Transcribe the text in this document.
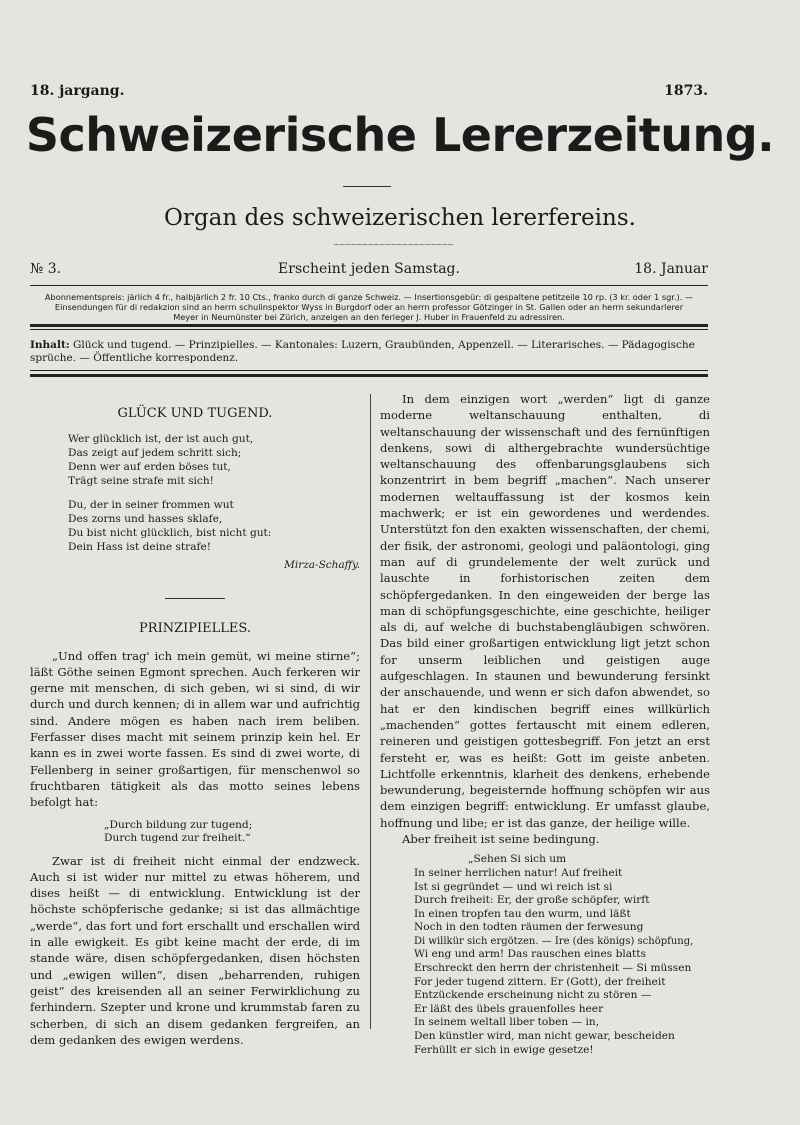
18. jargang.	1873.
Schweizerische Lererzeitung.
Organ des schweizerischen lererfereins.
~~~~~~~~~~~~~~~~~~~~~
№ 3.	Erscheint jeden Samstag.	18. Januar
Abonnementspreis: järlich 4 fr., halbjärlich 2 fr. 10 Cts., franko durch di ganze Schweiz. — Insertionsgebür: di gespaltene petitzeile 10 rp. (3 kr. oder 1 sgr.). —
Einsendungen für di redakzion sind an herrn schulinspektor Wyss in Burgdorf oder an herrn professor Götzinger in St. Gallen oder an herrn sekundarlerer
Meyer in Neumünster bei Zürich, anzeigen an den ferleger J. Huber in Frauenfeld zu adressiren.
Inhalt: Glück und tugend. — Prinzipielles. — Kantonales: Luzern, Graubünden, Appenzell. — Literarisches. — Pädagogische sprüche. — Öffentliche korrespondenz.
GLÜCK UND TUGEND.
Wer glücklich ist, der ist auch gut,
Das zeigt auf jedem schritt sich;
Denn wer auf erden böses tut,
Trägt seine strafe mit sich!
Du, der in seiner frommen wut
Des zorns und hasses sklafe,
Du bist nicht glücklich, bist nicht gut:
Dein Hass ist deine strafe!
Mirza-Schaffy.
PRINZIPIELLES.

„Und offen trag' ich mein gemüt, wi meine stirne“; läßt Göthe seinen Egmont sprechen. Auch ferkeren wir gerne mit menschen, di sich geben, wi si sind, di wir durch und durch kennen; di in allem war und aufrichtig sind. Andere mögen es haben nach irem beliben. Ferfasser dises macht mit seinem prinzip kein hel. Er kann es in zwei worte fassen. Es sind di zwei worte, di Fellenberg in seiner großartigen, für menschenwol so fruchtbaren tätigkeit als das motto seines lebens befolgt hat:

„Durch bildung zur tugend;
Durch tugend zur freiheit.“

Zwar ist di freiheit nicht einmal der endzweck. Auch si ist wider nur mittel zu etwas höherem, und dises heißt — di entwicklung. Entwicklung ist der höchste schöpferische gedanke; si ist das allmächtige „werde“, das fort und fort erschallt und erschallen wird in alle ewigkeit. Es gibt keine macht der erde, di im stande wäre, disen schöpfergedanken, disen höchsten und „ewigen willen“, disen „beharrenden, ruhigen geist“ des kreisenden all an seiner Ferwirklichung zu ferhindern. Szepter und krone und krummstab faren zu scherben, di sich an disem gedanken fergreifen, an dem gedanken des ewigen werdens.

In dem einzigen wort „werden“ ligt di ganze moderne weltanschauung enthalten, di weltanschauung der wissenschaft und des fernünftigen denkens, sowi di althergebrachte wundersüchtige weltanschauung des offenbarungsglaubens sich konzentrirt in bem begriff „machen“. Nach unserer modernen weltauffassung ist der kosmos kein machwerk; er ist ein gewordenes und werdendes. Unterstützt fon den exakten wissenschaften, der chemi, der fisik, der astronomi, geologi und paläontologi, ging man auf di grundelemente der welt zurück und lauschte in forhistorischen zeiten dem schöpfergedanken. In den eingeweiden der berge las man di schöpfungsgeschichte, eine geschichte, heiliger als di, auf welche di buchstabengläubigen schwören. Das bild einer großartigen entwicklung ligt jetzt schon for unserm leiblichen und geistigen auge aufgeschlagen. In staunen und bewunderung fersinkt der anschauende, und wenn er sich dafon abwendet, so hat er den kindischen begriff eines willkürlich „machenden“ gottes fertauscht mit einem edleren, reineren und geistigen gottesbegriff. Fon jetzt an erst fersteht er, was es heißt: Gott im geiste anbeten. Lichtfolle erkenntnis, klarheit des denkens, erhebende bewunderung, begeisterndе hoffnung schöpfen wir aus dem einzigen begriff: entwicklung. Er umfasst glaube, hoffnung und libe; er ist das ganze, der heilige wille.

Aber freiheit ist seine bedingung.

„Sehen Si sich um
In seiner herrlichen natur! Auf freiheit
Ist si gegründet — und wi reich ist si
Durch freiheit: Er, der große schöpfer, wirft
In einen tropfen tau den wurm, und läßt
Noch in den todten räumen der ferwesung
Di willkür sich ergötzen. — Ire (des königs) schöpfung,
Wi eng und arm! Das rauschen eines blatts
Erschreckt den herrn der christenheit — Si müssen
For jeder tugend zittern. Er (Gott), der freiheit
Entzückende erscheinung nicht zu stören —
Er läßt des übels grauenfolles heer
In seinem weltall liber toben — in,
Den künstler wird, man nicht gewar, bescheiden
Ferhüllt er sich in ewige gesetze!
